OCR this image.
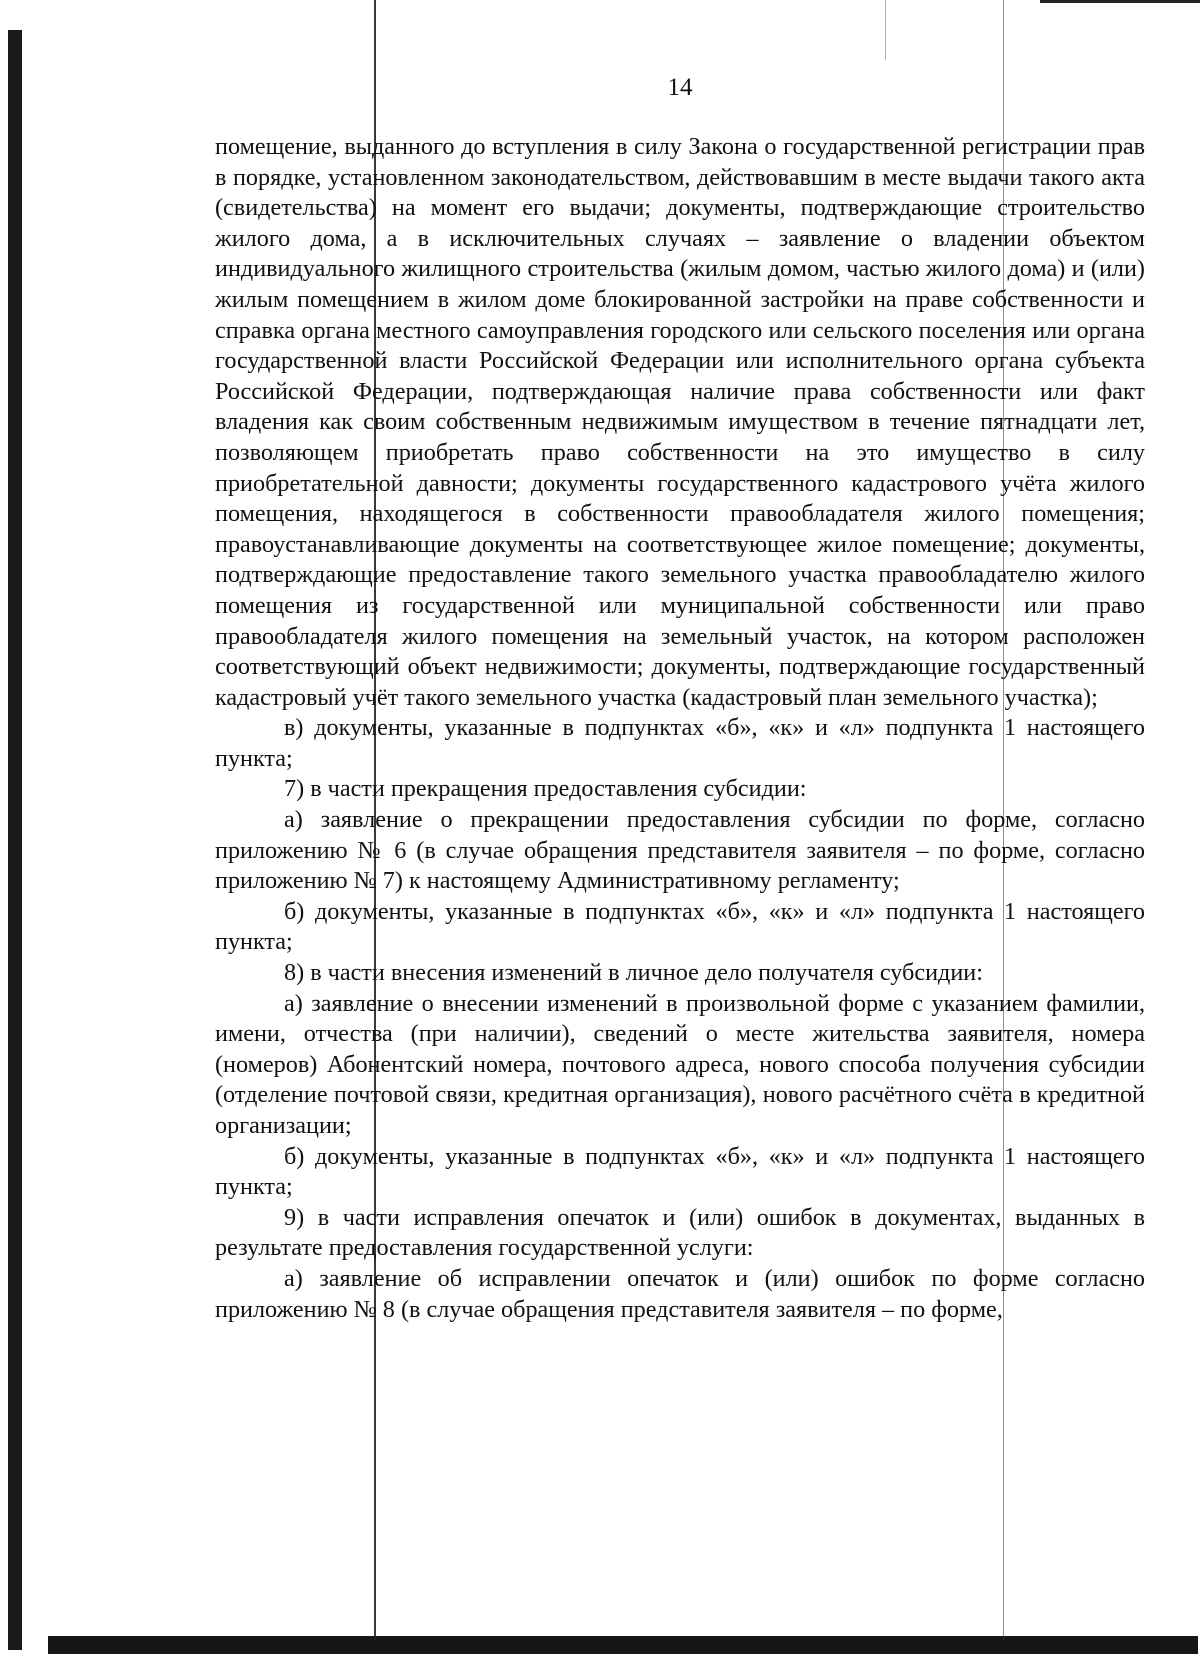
14

помещение, выданного до вступления в силу Закона о государственной регистрации прав в порядке, установленном законодательством, действовавшим в месте выдачи такого акта (свидетельства) на момент его выдачи; документы, подтверждающие строительство жилого дома, а в исключительных случаях – заявление о владении объектом индивидуального жилищного строительства (жилым домом, частью жилого дома) и (или) жилым помещением в жилом доме блокированной застройки на праве собственности и справка органа местного самоуправления городского или сельского поселения или органа государственной власти Российской Федерации или исполнительного органа субъекта Российской Федерации, подтверждающая наличие права собственности или факт владения как своим собственным недвижимым имуществом в течение пятнадцати лет, позволяющем приобретать право собственности на это имущество в силу приобретательной давности; документы государственного кадастрового учёта жилого помещения, находящегося в собственности правообладателя жилого помещения; правоустанавливающие документы на соответствующее жилое помещение; документы, подтверждающие предоставление такого земельного участка правообладателю жилого помещения из государственной или муниципальной собственности или право правообладателя жилого помещения на земельный участок, на котором расположен соответствующий объект недвижимости; документы, подтверждающие государственный кадастровый учёт такого земельного участка (кадастровый план земельного участка);

в) документы, указанные в подпунктах «б», «к» и «л» подпункта 1 настоящего пункта;

7) в части прекращения предоставления субсидии:

а) заявление о прекращении предоставления субсидии по форме, согласно приложению № 6 (в случае обращения представителя заявителя – по форме, согласно приложению № 7) к настоящему Административному регламенту;

б) документы, указанные в подпунктах «б», «к» и «л» подпункта 1 настоящего пункта;

8) в части внесения изменений в личное дело получателя субсидии:

а) заявление о внесении изменений в произвольной форме с указанием фамилии, имени, отчества (при наличии), сведений о месте жительства заявителя, номера (номеров) Абонентский номера, почтового адреса, нового способа получения субсидии (отделение почтовой связи, кредитная организация), нового расчётного счёта в кредитной организации;

б) документы, указанные в подпунктах «б», «к» и «л» подпункта 1 настоящего пункта;

9) в части исправления опечаток и (или) ошибок в документах, выданных в результате предоставления государственной услуги:

а) заявление об исправлении опечаток и (или) ошибок по форме согласно приложению № 8 (в случае обращения представителя заявителя – по форме,
